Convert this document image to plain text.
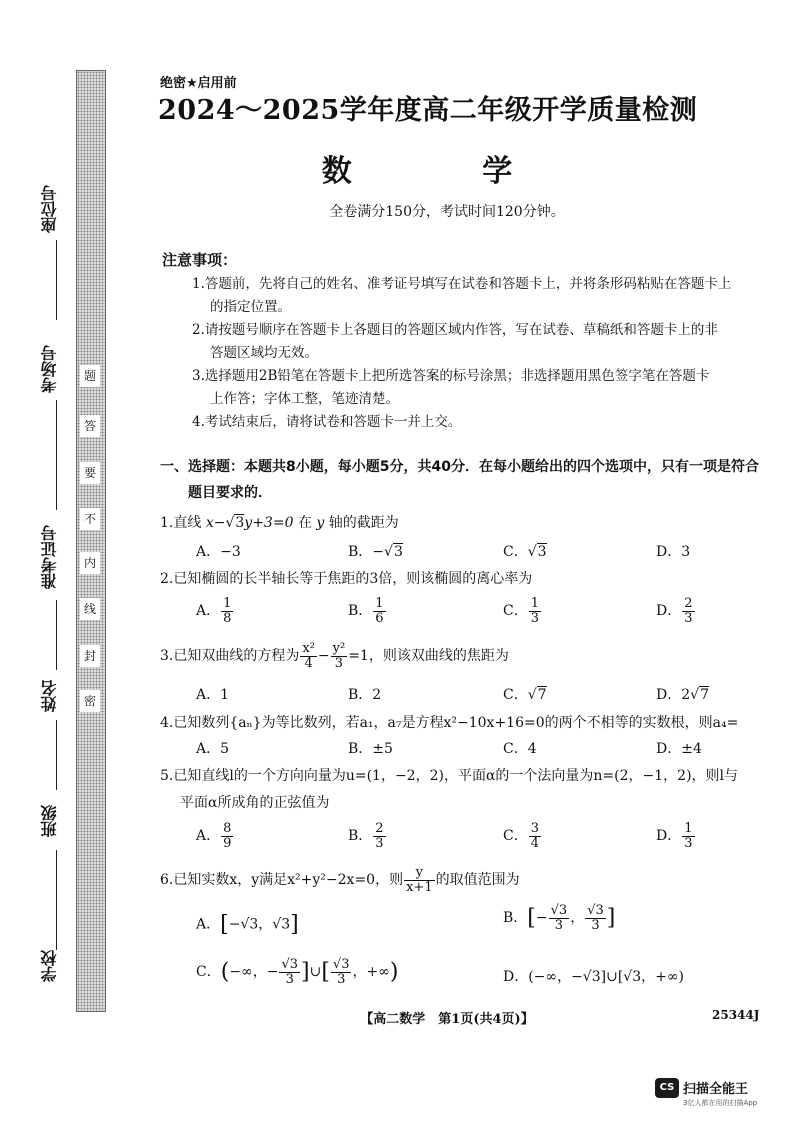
题
答
要
不
内
线
封
密
座位号
考场号
准考证号
姓名
班级
学校
绝密★启用前
2024～2025学年度高二年级开学质量检测
数 学
全卷满分150分，考试时间120分钟。
注意事项：
1.答题前，先将自己的姓名、准考证号填写在试卷和答题卡上，并将条形码粘贴在答题卡上
的指定位置。
2.请按题号顺序在答题卡上各题目的答题区域内作答，写在试卷、草稿纸和答题卡上的非
答题区域均无效。
3.选择题用2B铅笔在答题卡上把所选答案的标号涂黑；非选择题用黑色签字笔在答题卡
上作答；字体工整，笔迹清楚。
4.考试结束后，请将试卷和答题卡一并上交。
一、选择题：本题共8小题，每小题5分，共40分．在每小题给出的四个选项中，只有一项是符合
题目要求的．
1.直线 x−√3y+3=0 在 y 轴的截距为
A．−3	B．−√3	C．√3	D．3
2.已知椭圆的长半轴长等于焦距的3倍，则该椭圆的离心率为
A． $\frac{1}{8}$	B． $\frac{1}{6}$	C． $\frac{1}{3}$	D． $\frac{2}{3}$
3.已知双曲线的方程为 $\frac{\text{x²}}{4} - \frac{\text{y²}}{3} =1$，则该双曲线的焦距为
A．1	B．2	C．√7	D．2√7
4.已知数列{aₙ}为等比数列，若a₁，a₇是方程x²−10x+16=0的两个不相等的实数根，则a₄=
A．5	B．±5	C．4	D．±4
5.已知直线l的一个方向向量为u=(1，−2，2)，平面α的一个法向量为n=(2，−1，2)，则l与
平面α所成角的正弦值为
A． $\frac{8}{9}$	B． $\frac{2}{3}$	C． $\frac{3}{4}$	D． $\frac{1}{3}$
6.已知实数x，y满足x²+y²−2x=0，则 $\frac{y}{x+1}$ 的取值范围为
A．[−√3，√3]	B．[− $\frac{√3}{3}$ ， $\frac{√3}{3}$ ]
C．(−∞，− $\frac{√3}{3}$ ]∪[ $\frac{√3}{3}$ ，+∞)	D．(−∞，−√3]∪[√3，+∞)
【高二数学　第1页(共4页)】	25344J
CS 扫描全能王
3亿人都在用的扫描App
